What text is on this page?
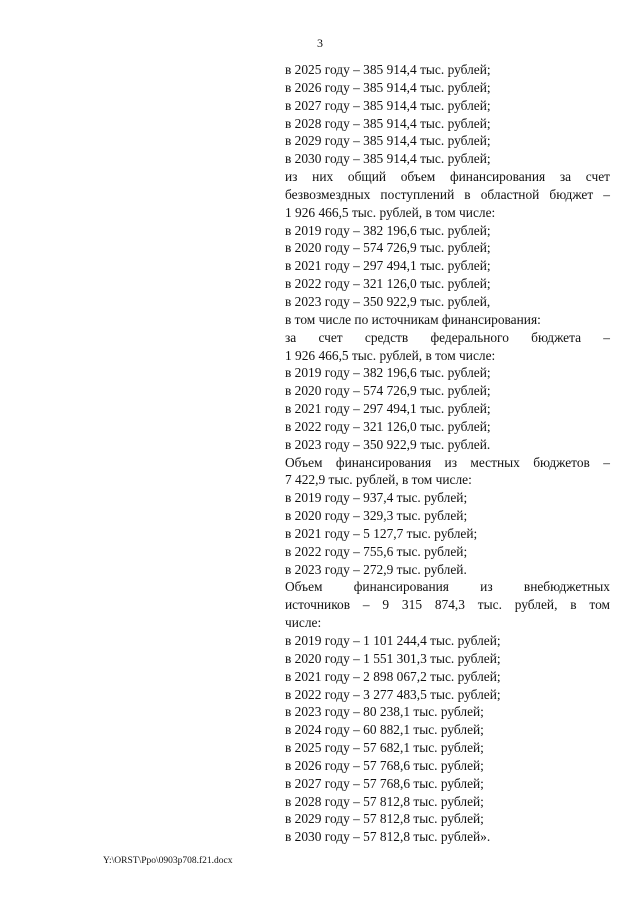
3
в 2025 году – 385 914,4 тыс. рублей;
в 2026 году – 385 914,4 тыс. рублей;
в 2027 году – 385 914,4 тыс. рублей;
в 2028 году – 385 914,4 тыс. рублей;
в 2029 году – 385 914,4 тыс. рублей;
в 2030 году – 385 914,4 тыс. рублей;
из них общий объем финансирования за счет
безвозмездных поступлений в областной бюджет –
1 926 466,5 тыс. рублей, в том числе:
в 2019 году – 382 196,6 тыс. рублей;
в 2020 году – 574 726,9 тыс. рублей;
в 2021 году – 297 494,1 тыс. рублей;
в 2022 году – 321 126,0 тыс. рублей;
в 2023 году – 350 922,9 тыс. рублей,
в том числе по источникам финансирования:
за счет средств федерального бюджета –
1 926 466,5 тыс. рублей, в том числе:
в 2019 году – 382 196,6 тыс. рублей;
в 2020 году – 574 726,9 тыс. рублей;
в 2021 году – 297 494,1 тыс. рублей;
в 2022 году – 321 126,0 тыс. рублей;
в 2023 году – 350 922,9 тыс. рублей.
Объем финансирования из местных бюджетов –
7 422,9 тыс. рублей, в том числе:
в 2019 году – 937,4 тыс. рублей;
в 2020 году – 329,3 тыс. рублей;
в 2021 году – 5 127,7 тыс. рублей;
в 2022 году – 755,6 тыс. рублей;
в 2023 году – 272,9 тыс. рублей.
Объем финансирования из внебюджетных
источников – 9 315 874,3 тыс. рублей, в том
числе:
в 2019 году – 1 101 244,4 тыс. рублей;
в 2020 году – 1 551 301,3 тыс. рублей;
в 2021 году – 2 898 067,2 тыс. рублей;
в 2022 году – 3 277 483,5 тыс. рублей;
в 2023 году – 80 238,1 тыс. рублей;
в 2024 году – 60 882,1 тыс. рублей;
в 2025 году – 57 682,1 тыс. рублей;
в 2026 году – 57 768,6 тыс. рублей;
в 2027 году – 57 768,6 тыс. рублей;
в 2028 году – 57 812,8 тыс. рублей;
в 2029 году – 57 812,8 тыс. рублей;
в 2030 году – 57 812,8 тыс. рублей».
Y:\ORST\Ppo\0903p708.f21.docx
